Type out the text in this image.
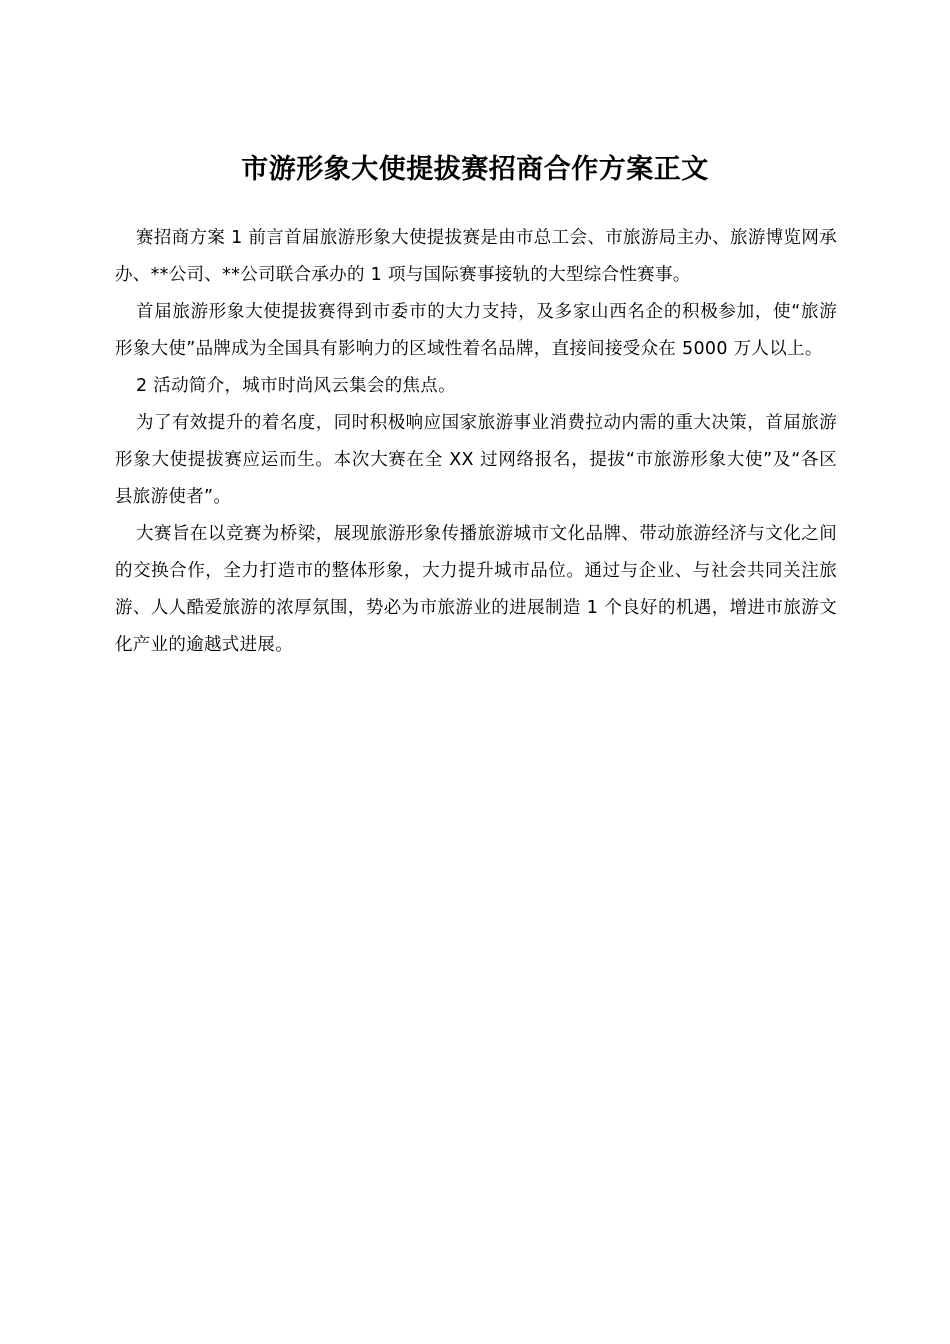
市游形象大使提拔赛招商合作方案正文

赛招商方案 1 前言首届旅游形象大使提拔赛是由市总工会、市旅游局主办、旅游博览网承办、**公司、**公司联合承办的 1 项与国际赛事接轨的大型综合性赛事。

首届旅游形象大使提拔赛得到市委市的大力支持，及多家山西名企的积极参加，使“旅游形象大使”品牌成为全国具有影响力的区域性着名品牌，直接间接受众在 5000 万人以上。

2 活动简介，城市时尚风云集会的焦点。

为了有效提升的着名度，同时积极响应国家旅游事业消费拉动内需的重大决策，首届旅游形象大使提拔赛应运而生。本次大赛在全 XX 过网络报名，提拔“市旅游形象大使”及“各区县旅游使者”。

大赛旨在以竞赛为桥梁，展现旅游形象传播旅游城市文化品牌、带动旅游经济与文化之间的交换合作，全力打造市的整体形象，大力提升城市品位。通过与企业、与社会共同关注旅游、人人酷爱旅游的浓厚氛围，势必为市旅游业的进展制造 1 个良好的机遇，增进市旅游文化产业的逾越式进展。
